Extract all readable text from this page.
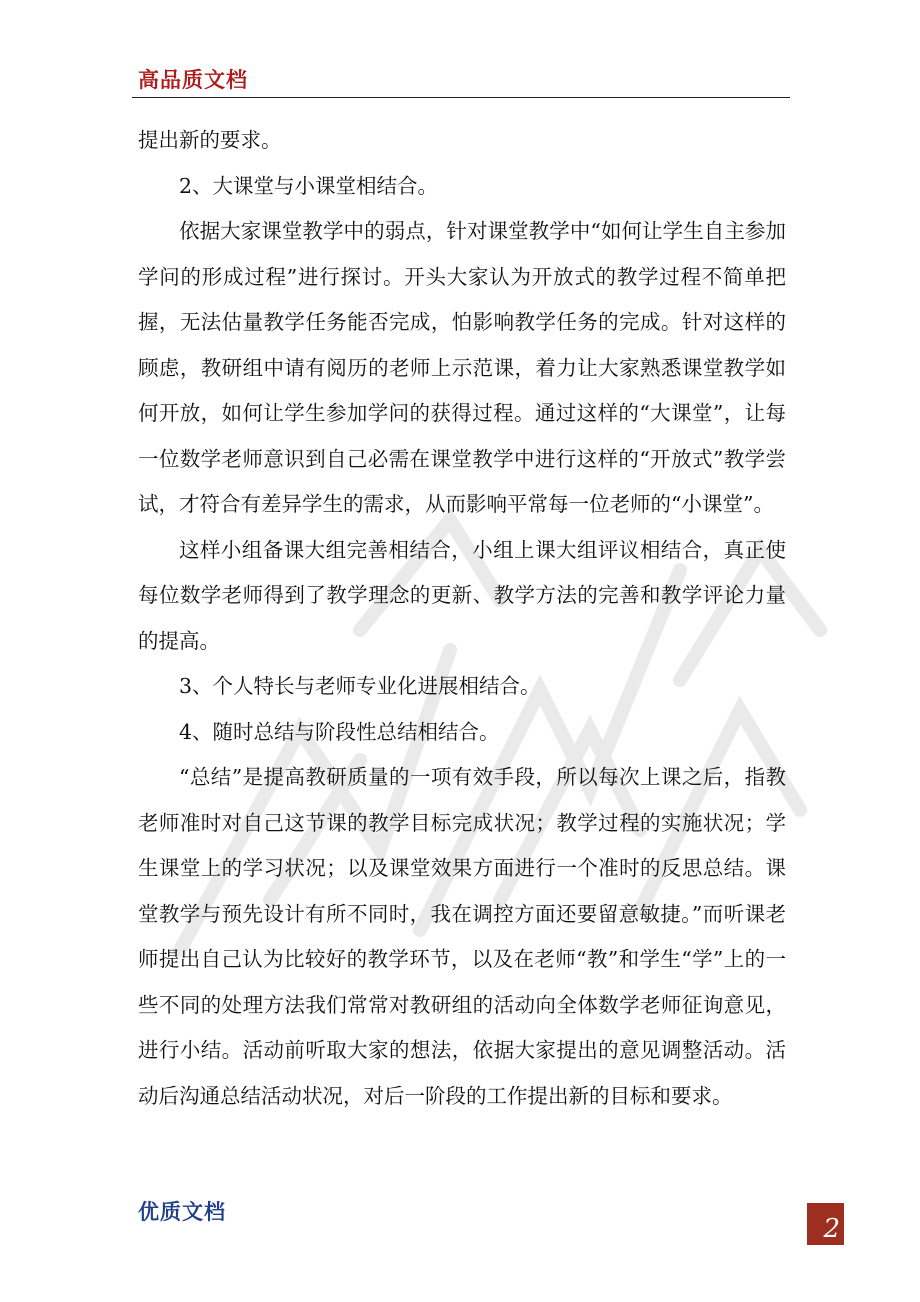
高品质文档

提出新的要求。

2、大课堂与小课堂相结合。

依据大家课堂教学中的弱点，针对课堂教学中“如何让学生自主参加学问的形成过程”进行探讨。开头大家认为开放式的教学过程不简单把握，无法估量教学任务能否完成，怕影响教学任务的完成。针对这样的顾虑，教研组中请有阅历的老师上示范课，着力让大家熟悉课堂教学如何开放，如何让学生参加学问的获得过程。通过这样的“大课堂”，让每一位数学老师意识到自己必需在课堂教学中进行这样的“开放式”教学尝试，才符合有差异学生的需求，从而影响平常每一位老师的“小课堂”。

这样小组备课大组完善相结合，小组上课大组评议相结合，真正使每位数学老师得到了教学理念的更新、教学方法的完善和教学评论力量的提高。

3、个人特长与老师专业化进展相结合。

4、随时总结与阶段性总结相结合。

“总结”是提高教研质量的一项有效手段，所以每次上课之后，指教老师准时对自己这节课的教学目标完成状况；教学过程的实施状况；学生课堂上的学习状况；以及课堂效果方面进行一个准时的反思总结。课堂教学与预先设计有所不同时，我在调控方面还要留意敏捷。”而听课老师提出自己认为比较好的教学环节，以及在老师“教”和学生“学”上的一些不同的处理方法我们常常对教研组的活动向全体数学老师征询意见，进行小结。活动前听取大家的想法，依据大家提出的意见调整活动。活动后沟通总结活动状况，对后一阶段的工作提出新的目标和要求。

优质文档
2
